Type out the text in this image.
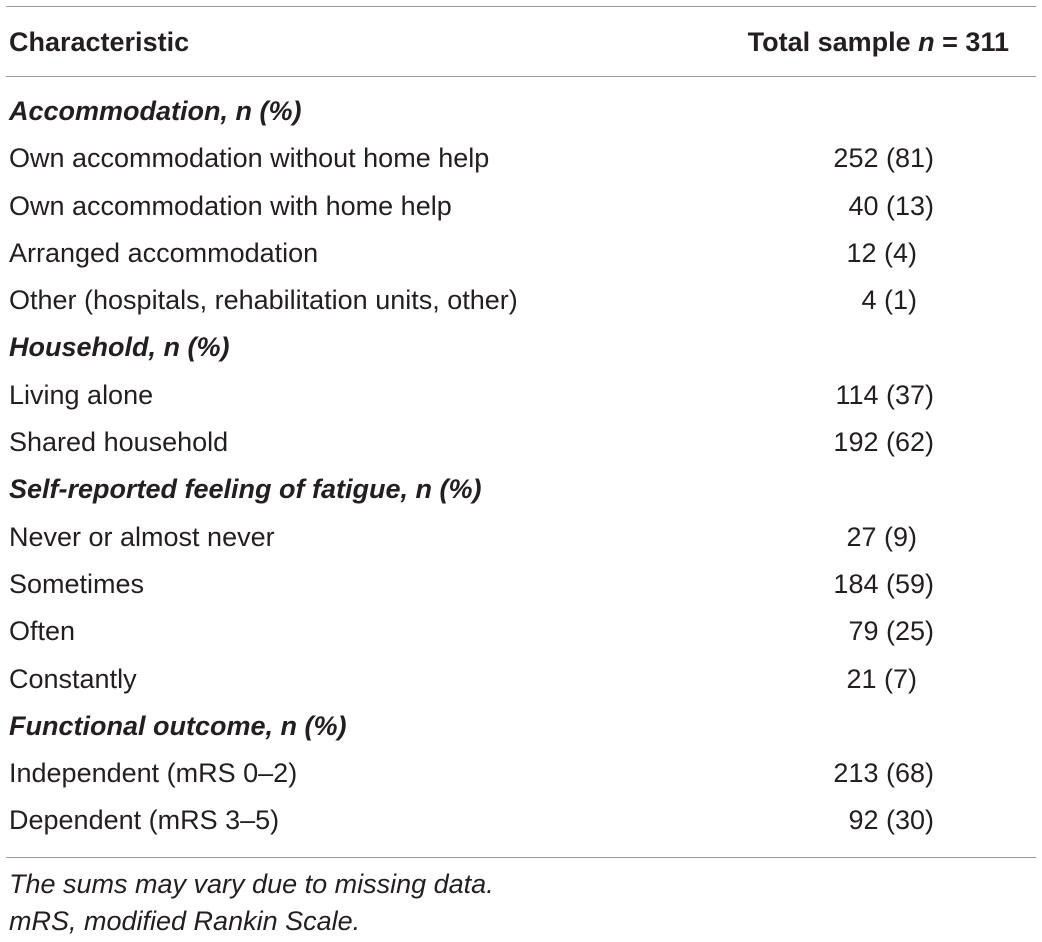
Characteristic	Total sample n = 311
Accommodation, n (%)
Own accommodation without home help	252 (81)
Own accommodation with home help	40 (13)
Arranged accommodation	12 (4)
Other (hospitals, rehabilitation units, other)	4 (1)
Household, n (%)
Living alone	114 (37)
Shared household	192 (62)
Self-reported feeling of fatigue, n (%)
Never or almost never	27 (9)
Sometimes	184 (59)
Often	79 (25)
Constantly	21 (7)
Functional outcome, n (%)
Independent (mRS 0–2)	213 (68)
Dependent (mRS 3–5)	92 (30)
The sums may vary due to missing data.
mRS, modified Rankin Scale.
